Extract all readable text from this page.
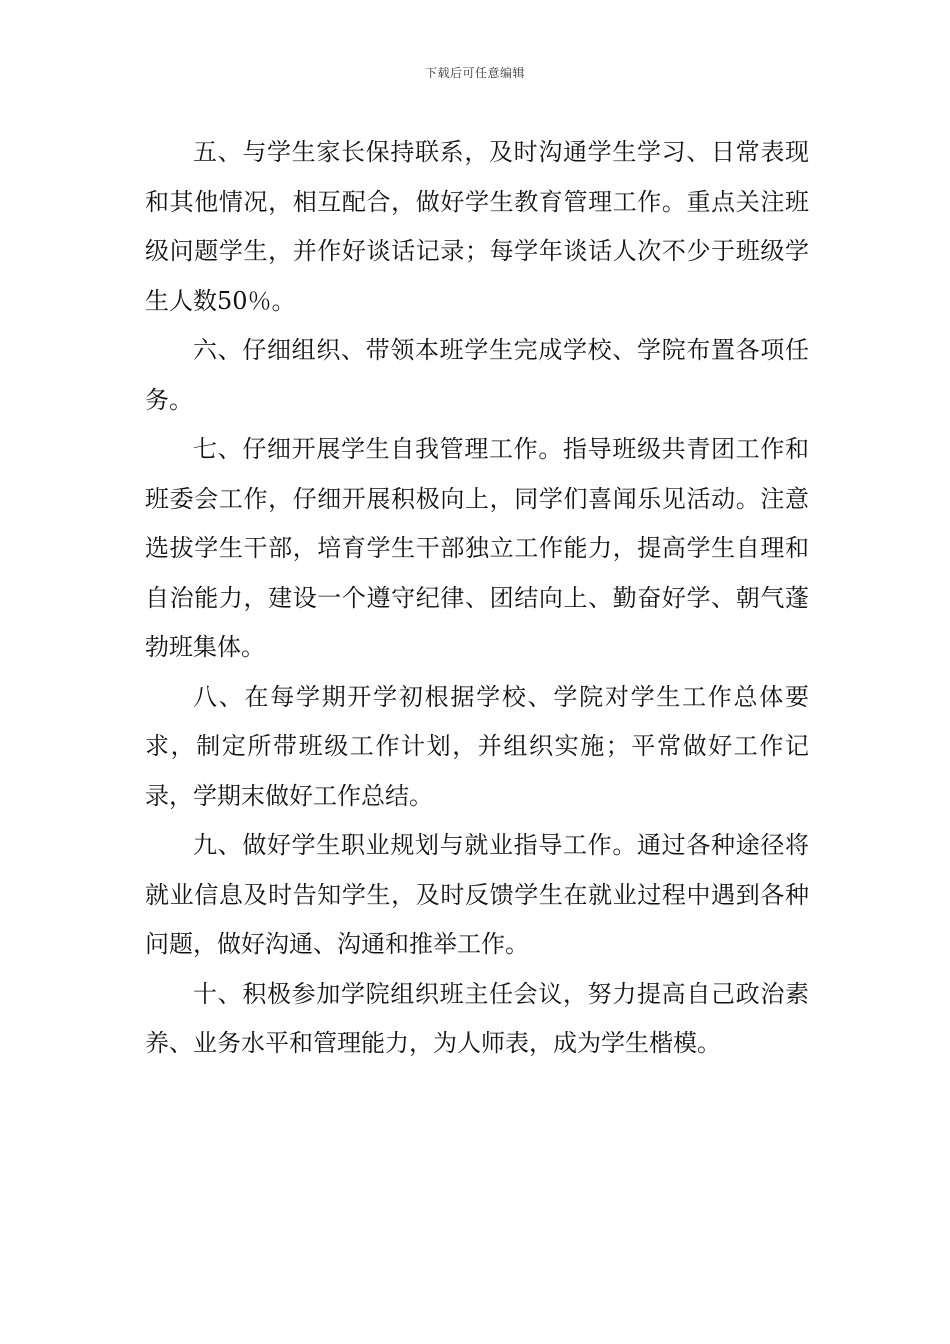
下载后可任意编辑

五、与学生家长保持联系，及时沟通学生学习、日常表现和其他情况，相互配合，做好学生教育管理工作。重点关注班级问题学生，并作好谈话记录；每学年谈话人次不少于班级学生人数50％。

六、仔细组织、带领本班学生完成学校、学院布置各项任务。

七、仔细开展学生自我管理工作。指导班级共青团工作和班委会工作，仔细开展积极向上，同学们喜闻乐见活动。注意选拔学生干部，培育学生干部独立工作能力，提高学生自理和自治能力，建设一个遵守纪律、团结向上、勤奋好学、朝气蓬勃班集体。

八、在每学期开学初根据学校、学院对学生工作总体要求，制定所带班级工作计划，并组织实施；平常做好工作记录，学期末做好工作总结。

九、做好学生职业规划与就业指导工作。通过各种途径将就业信息及时告知学生，及时反馈学生在就业过程中遇到各种问题，做好沟通、沟通和推举工作。

十、积极参加学院组织班主任会议，努力提高自己政治素养、业务水平和管理能力，为人师表，成为学生楷模。
